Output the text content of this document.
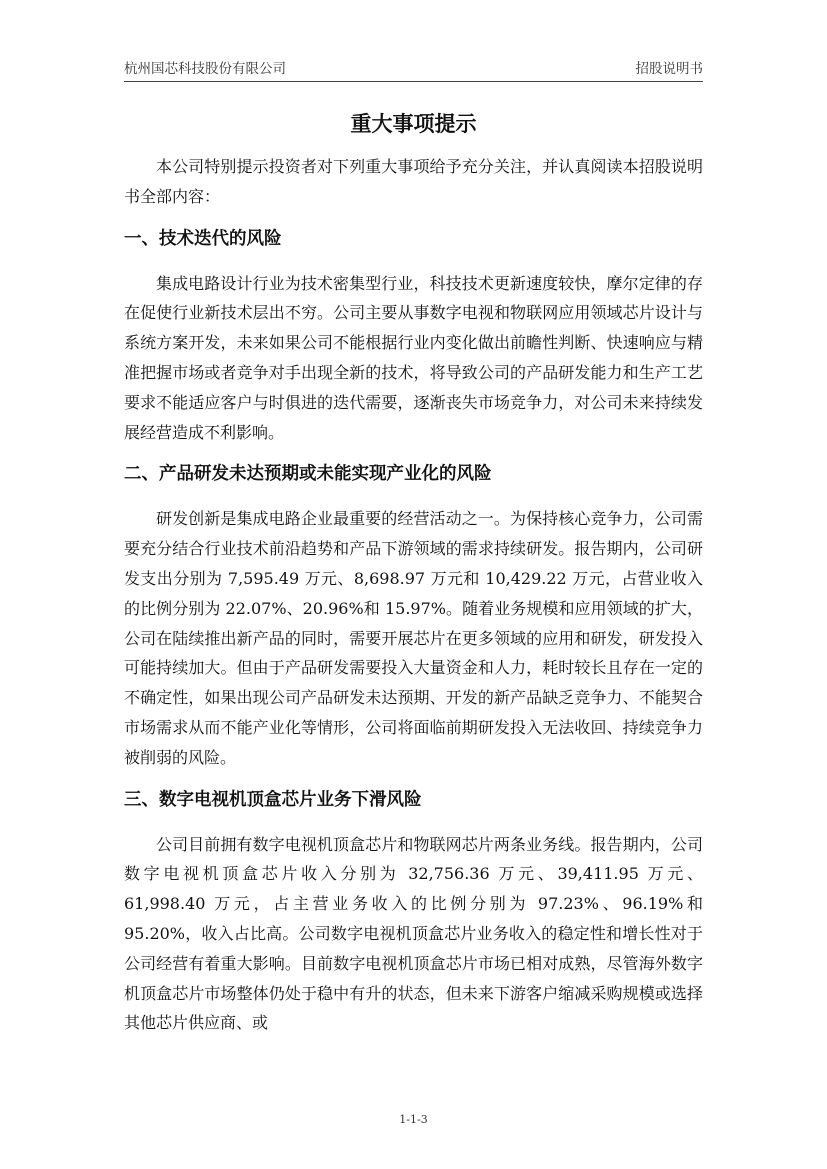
杭州国芯科技股份有限公司	招股说明书
重大事项提示

本公司特别提示投资者对下列重大事项给予充分关注，并认真阅读本招股说明书全部内容：

一、技术迭代的风险

集成电路设计行业为技术密集型行业，科技技术更新速度较快，摩尔定律的存在促使行业新技术层出不穷。公司主要从事数字电视和物联网应用领域芯片设计与系统方案开发，未来如果公司不能根据行业内变化做出前瞻性判断、快速响应与精准把握市场或者竞争对手出现全新的技术，将导致公司的产品研发能力和生产工艺要求不能适应客户与时俱进的迭代需要，逐渐丧失市场竞争力，对公司未来持续发展经营造成不利影响。

二、产品研发未达预期或未能实现产业化的风险

研发创新是集成电路企业最重要的经营活动之一。为保持核心竞争力，公司需要充分结合行业技术前沿趋势和产品下游领域的需求持续研发。报告期内，公司研发支出分别为 7,595.49 万元、8,698.97 万元和 10,429.22 万元，占营业收入的比例分别为 22.07%、20.96%和 15.97%。随着业务规模和应用领域的扩大，公司在陆续推出新产品的同时，需要开展芯片在更多领域的应用和研发，研发投入可能持续加大。但由于产品研发需要投入大量资金和人力，耗时较长且存在一定的不确定性，如果出现公司产品研发未达预期、开发的新产品缺乏竞争力、不能契合市场需求从而不能产业化等情形，公司将面临前期研发投入无法收回、持续竞争力被削弱的风险。

三、数字电视机顶盒芯片业务下滑风险

公司目前拥有数字电视机顶盒芯片和物联网芯片两条业务线。报告期内，公司数字电视机顶盒芯片收入分别为 32,756.36 万元、39,411.95 万元、61,998.40 万元，占主营业务收入的比例分别为 97.23%、96.19%和 95.20%，收入占比高。公司数字电视机顶盒芯片业务收入的稳定性和增长性对于公司经营有着重大影响。目前数字电视机顶盒芯片市场已相对成熟，尽管海外数字机顶盒芯片市场整体仍处于稳中有升的状态，但未来下游客户缩减采购规模或选择其他芯片供应商、或

1-1-3
